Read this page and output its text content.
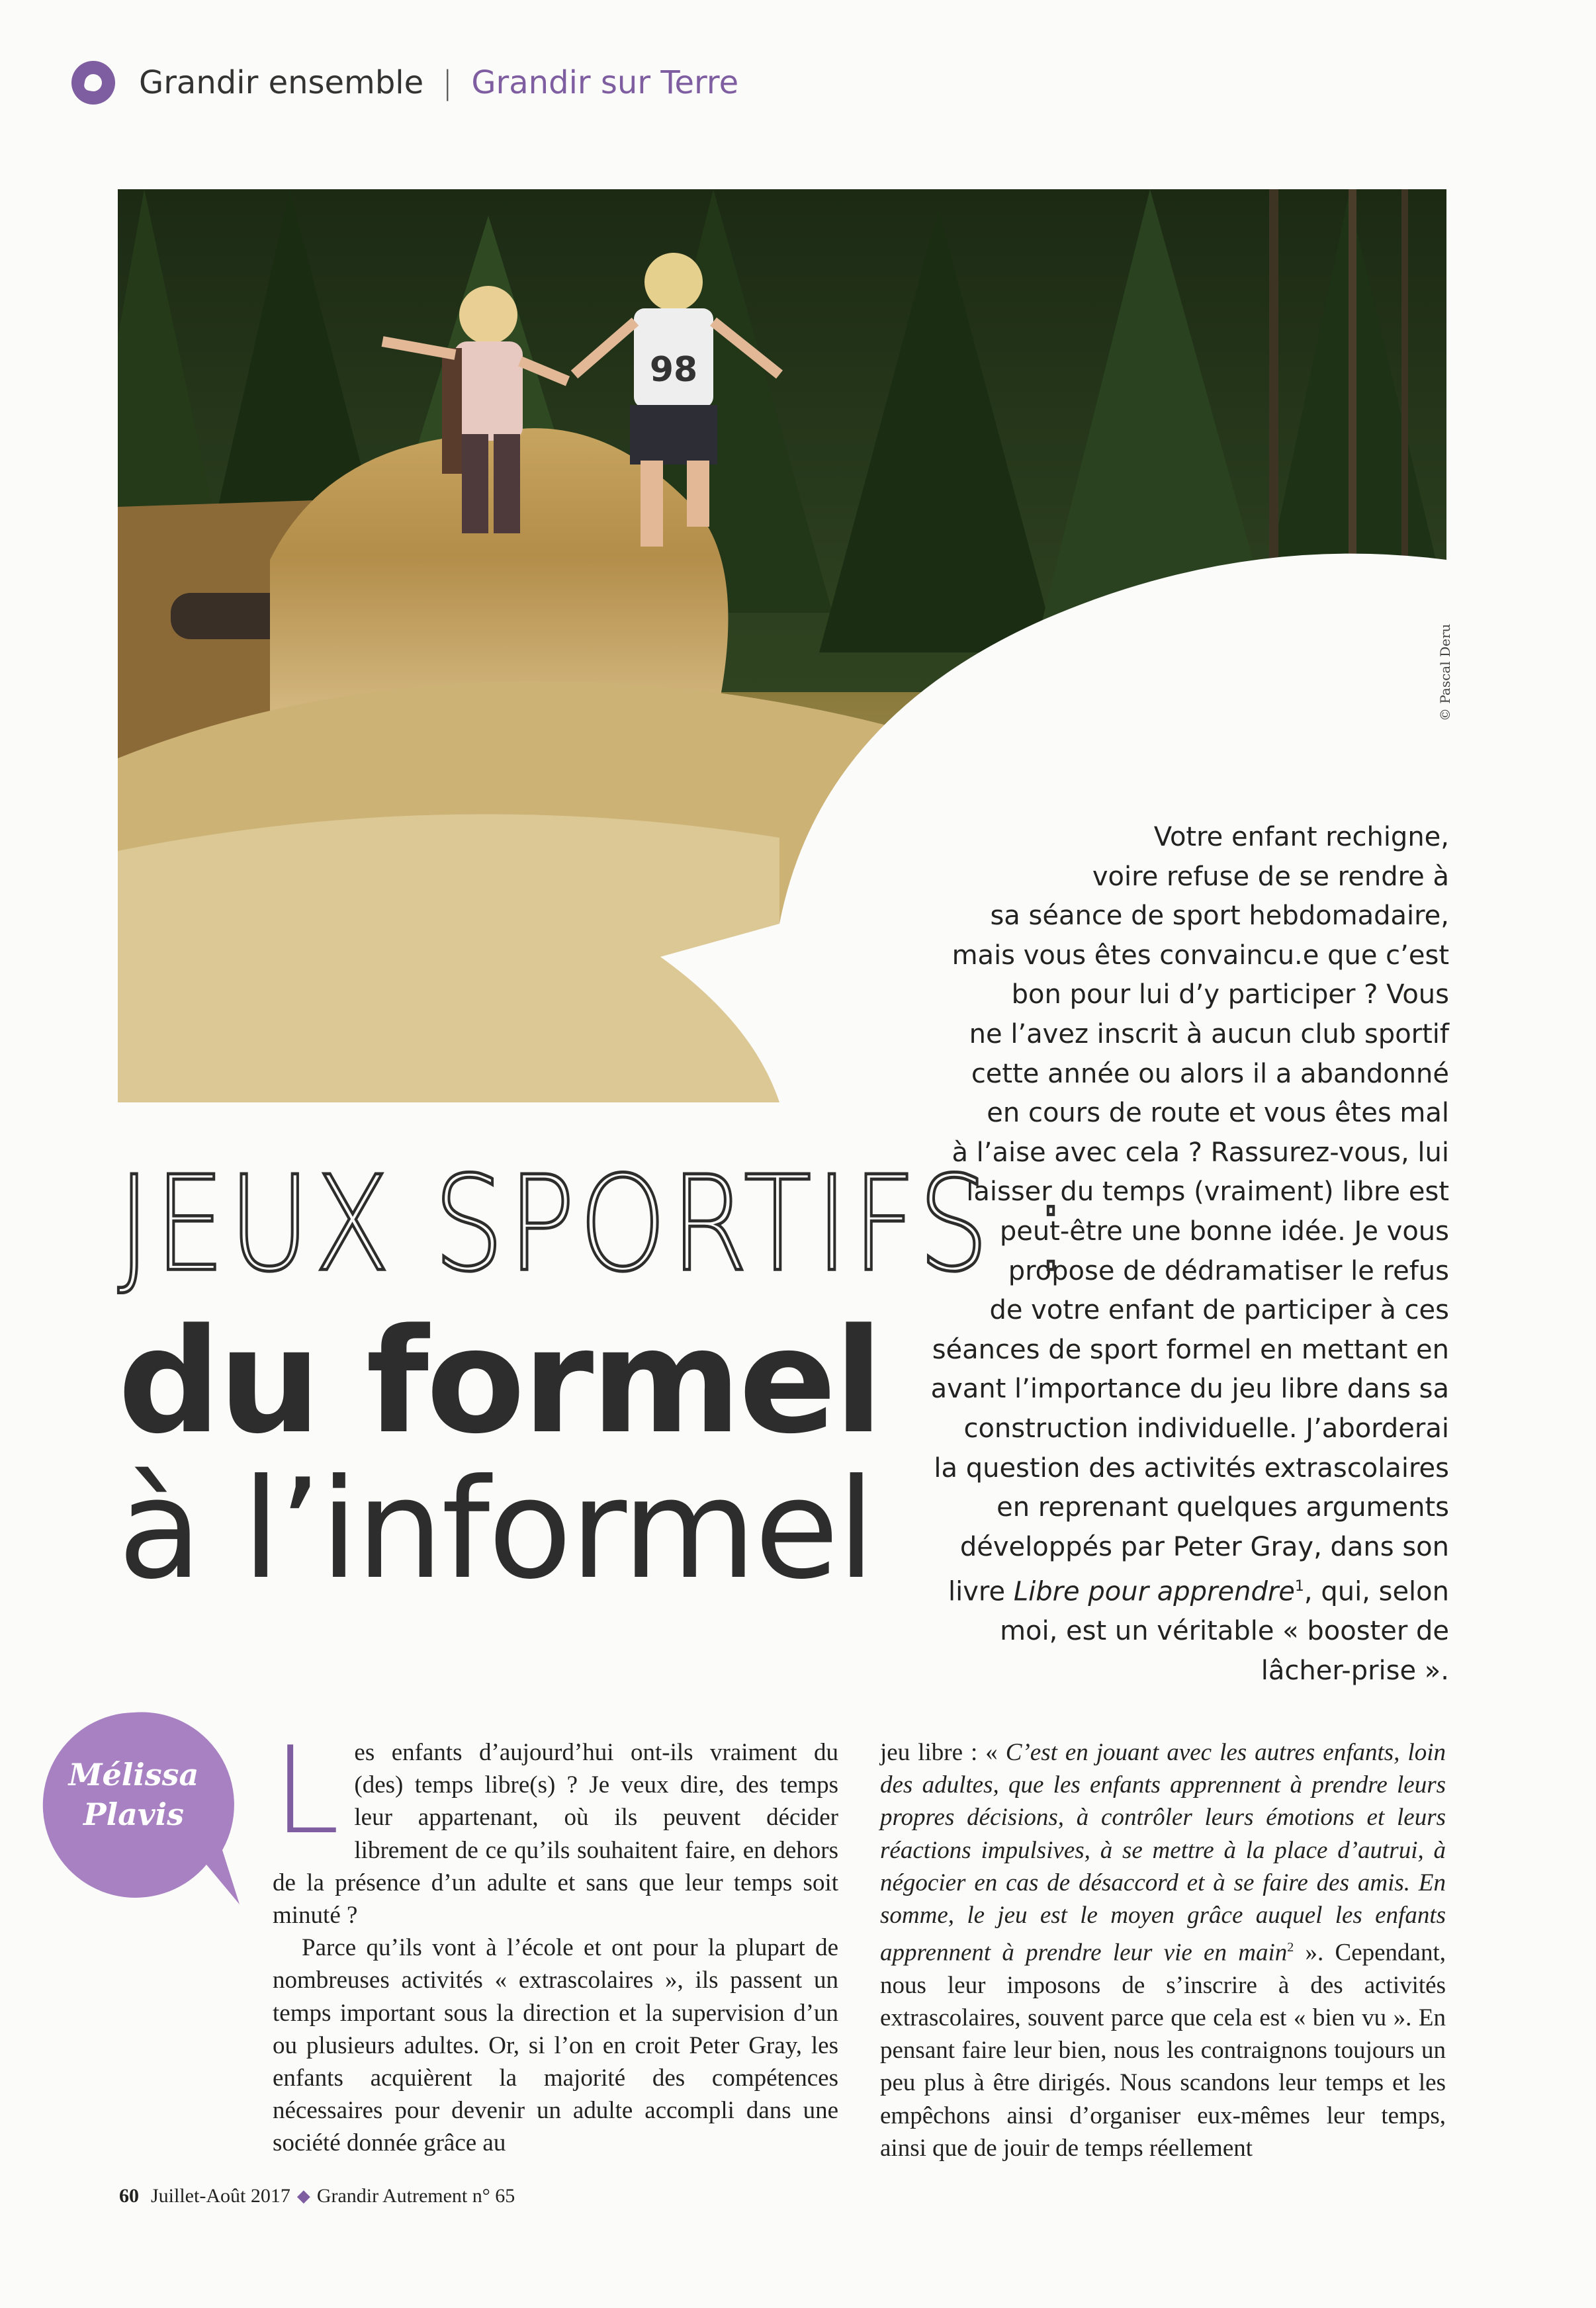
Grandir ensemble | Grandir sur Terre
98
© Pascal Deru
Votre enfant rechigne,
voire refuse de se rendre à
sa séance de sport hebdomadaire,
mais vous êtes convaincu.e que c’est
bon pour lui d’y participer ? Vous
ne l’avez inscrit à aucun club sportif
cette année ou alors il a abandonné
en cours de route et vous êtes mal
à l’aise avec cela ? Rassurez-vous, lui
laisser du temps (vraiment) libre est
peut-être une bonne idée. Je vous
propose de dédramatiser le refus
de votre enfant de participer à ces
séances de sport formel en mettant en
avant l’importance du jeu libre dans sa
construction individuelle. J’aborderai
la question des activités extrascolaires
en reprenant quelques arguments
développés par Peter Gray, dans son
livre Libre pour apprendre$^1$, qui, selon
moi, est un véritable « booster de
lâcher-prise ».
JEUX SPORTIFS :
du formel
à l’informel
Mélissa
Plavis Les enfants d’aujourd’hui ont-ils vraiment du (des) temps libre(s) ? Je veux dire, des temps leur appartenant, où ils peuvent décider librement de ce qu’ils souhaitent faire, en dehors de la présence d’un adulte et sans que leur temps soit minuté ?

Parce qu’ils vont à l’école et ont pour la plupart de nombreuses activités « extrascolaires », ils passent un temps important sous la direction et la supervision d’un ou plusieurs adultes. Or, si l’on en croit Peter Gray, les enfants acquièrent la majorité des compétences nécessaires pour devenir un adulte accompli dans une société donnée grâce au

jeu libre : « C’est en jouant avec les autres enfants, loin des adultes, que les enfants apprennent à prendre leurs propres décisions, à contrôler leurs émotions et leurs réactions impulsives, à se mettre à la place d’autrui, à négocier en cas de désaccord et à se faire des amis. En somme, le jeu est le moyen grâce auquel les enfants apprennent à prendre leur vie en main$^2$ ». Cependant, nous leur imposons de s’inscrire à des activités extrascolaires, souvent parce que cela est « bien vu ». En pensant faire leur bien, nous les contraignons toujours un peu plus à être dirigés. Nous scandons leur temps et les empêchons ainsi d’organiser eux-mêmes leur temps, ainsi que de jouir de temps réellement

60 Juillet-Août 2017 ◆ Grandir Autrement n° 65
